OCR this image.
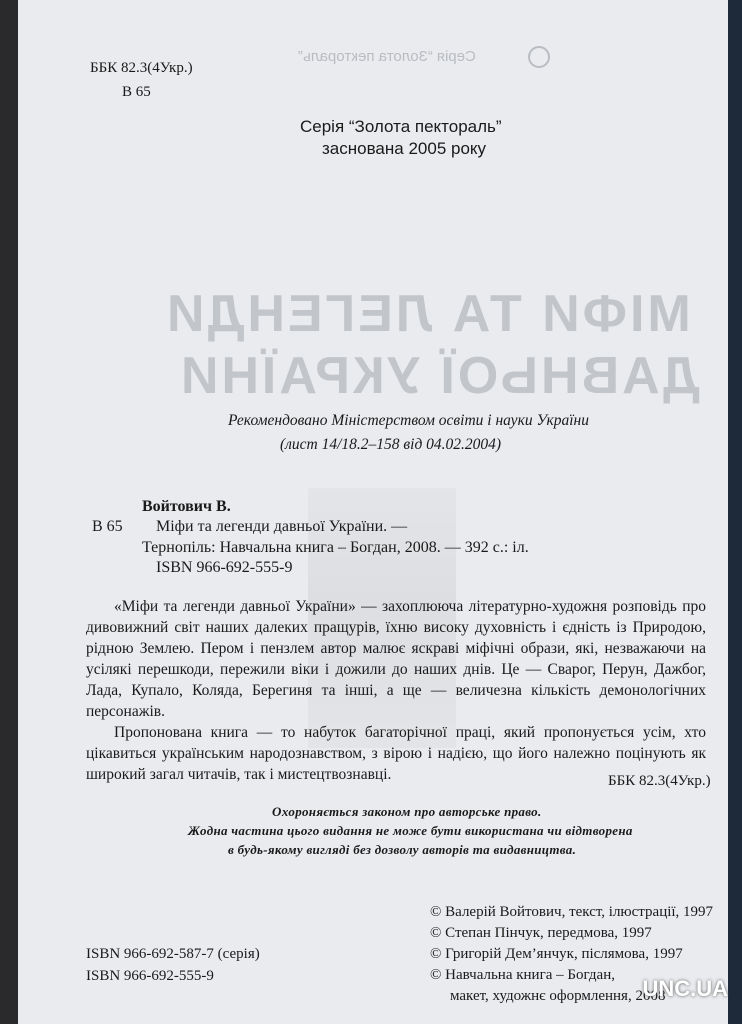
Серія “Золота пектораль”
МІФИ ТА ЛЕГЕНДИ
ДАВНЬОЇ УКРАЇНИ
ББК 82.3(4Укр.)
В 65
Серія “Золота пектораль”
заснована 2005 року
Рекомендовано Міністерством освіти і науки України
(лист 14/18.2–158 від 04.02.2004)
Войтович В.
В 65 Міфи та легенди давньої України. —
Тернопіль: Навчальна книга – Богдан, 2008. — 392 с.: іл.
ISBN 966-692-555-9

«Міфи та легенди давньої України» — захоплююча літературно-художня розповідь про дивовижний світ наших далеких пращурів, їхню високу духовність і єдність із Природою, рідною Землею. Пером і пензлем автор малює яскраві міфічні образи, які, незважаючи на усілякі перешкоди, пережили віки і дожили до наших днів. Це — Сварог, Перун, Дажбог, Лада, Купало, Коляда, Берегиня та інші, а ще — величезна кількість демонологічних персонажів.

Пропонована книга — то набуток багаторічної праці, який пропонується усім, хто цікавиться українським народознавством, з вірою і надією, що його належно поцінують як широкий загал читачів, так і мистецтвознавці.	ББК 82.3(4Укр.)
Охороняється законом про авторське право.
Жодна частина цього видання не може бути використана чи відтворена
в будь-якому вигляді без дозволу авторів та видавництва.
ISBN 966-692-587-7 (серія)
ISBN 966-692-555-9
© Валерій Войтович, текст, ілюстрації, 1997
© Степан Пінчук, передмова, 1997
© Григорій Дем’янчук, післямова, 1997
© Навчальна книга – Богдан,
макет, художнє оформлення, 2008
UNC.UA
